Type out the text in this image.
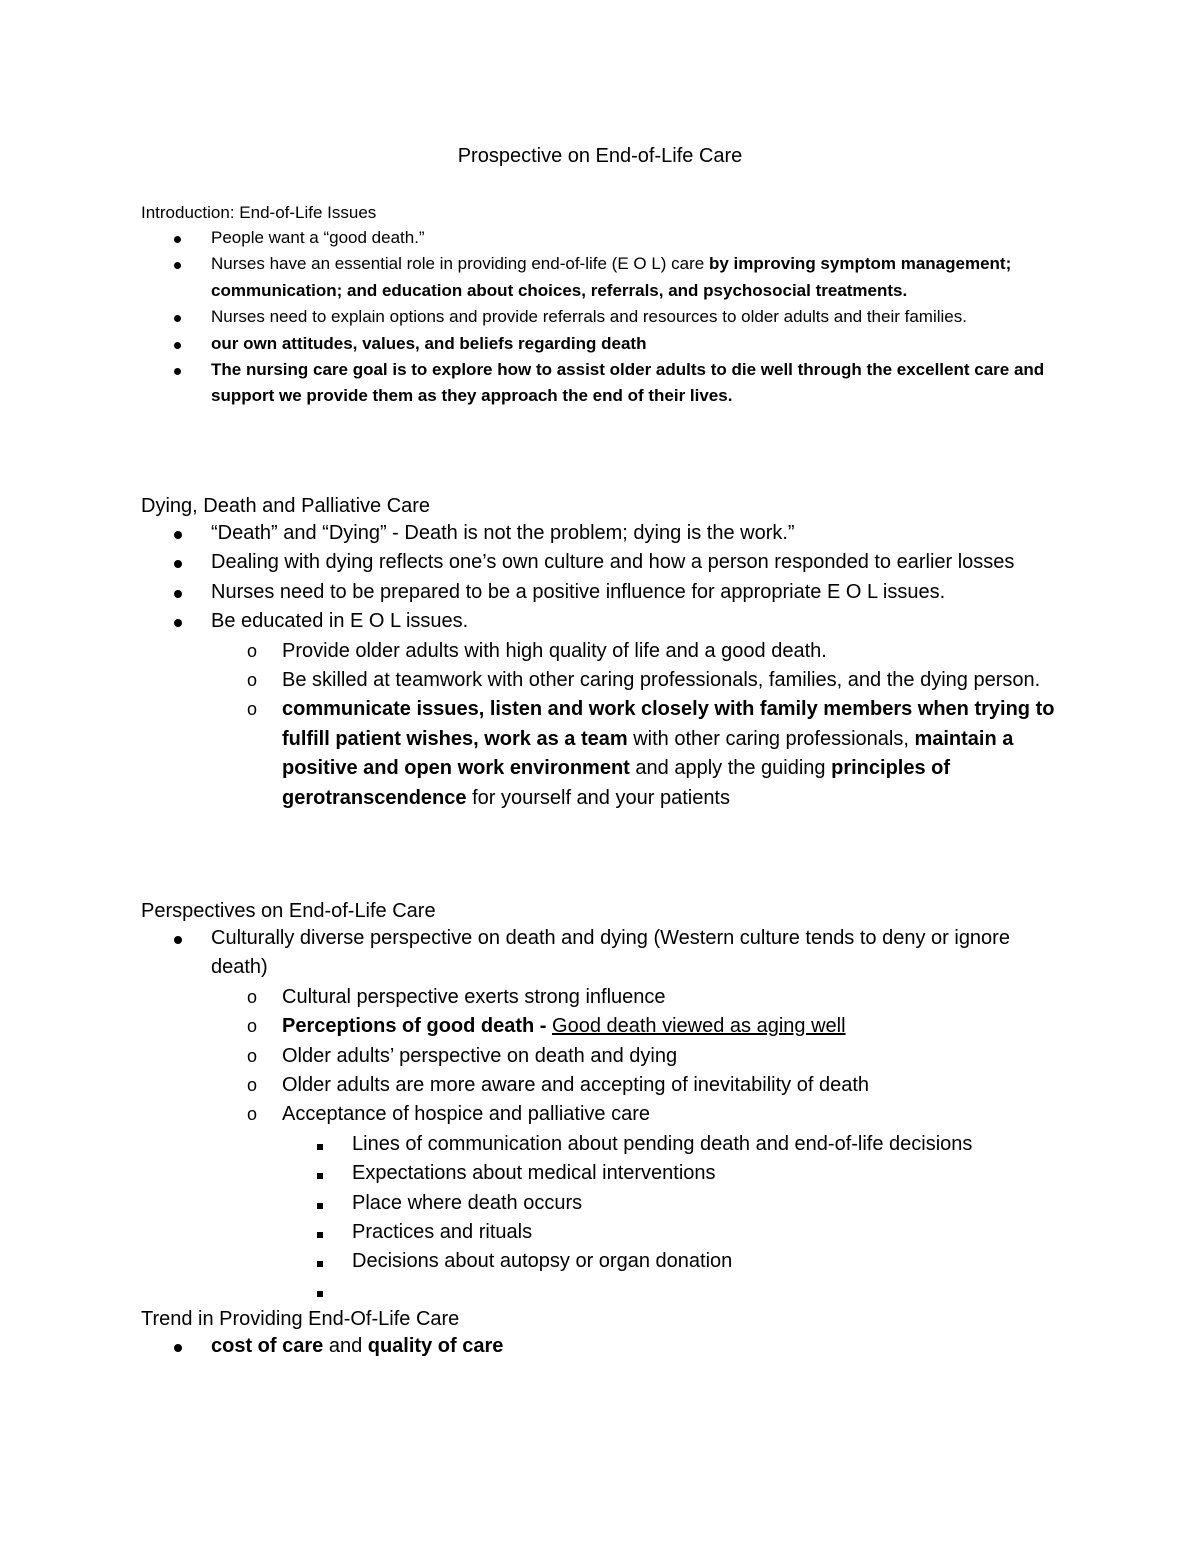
Prospective on End-of-Life Care

Introduction: End-of-Life Issues

People want a “good death.”
Nurses have an essential role in providing end-of-life (E O L) care by improving symptom management; communication; and education about choices, referrals, and psychosocial treatments.
Nurses need to explain options and provide referrals and resources to older adults and their families.
our own attitudes, values, and beliefs regarding death
The nursing care goal is to explore how to assist older adults to die well through the excellent care and support we provide them as they approach the end of their lives.

Dying, Death and Palliative Care

“Death” and “Dying” - Death is not the problem; dying is the work.”
Dealing with dying reflects one’s own culture and how a person responded to earlier losses
Nurses need to be prepared to be a positive influence for appropriate E O L issues.
Be educated in E O L issues.
o Provide older adults with high quality of life and a good death.
o Be skilled at teamwork with other caring professionals, families, and the dying person.
o communicate issues, listen and work closely with family members when trying to fulfill patient wishes, work as a team with other caring professionals, maintain a positive and open work environment and apply the guiding principles of gerotranscendence for yourself and your patients

Perspectives on End-of-Life Care

Culturally diverse perspective on death and dying (Western culture tends to deny or ignore death)
o Cultural perspective exerts strong influence
o Perceptions of good death - Good death viewed as aging well
o Older adults’ perspective on death and dying
o Older adults are more aware and accepting of inevitability of death
o Acceptance of hospice and palliative care
Lines of communication about pending death and end-of-life decisions
Expectations about medical interventions
Place where death occurs
Practices and rituals
Decisions about autopsy or organ donation

Trend in Providing End-Of-Life Care

cost of care and quality of care
